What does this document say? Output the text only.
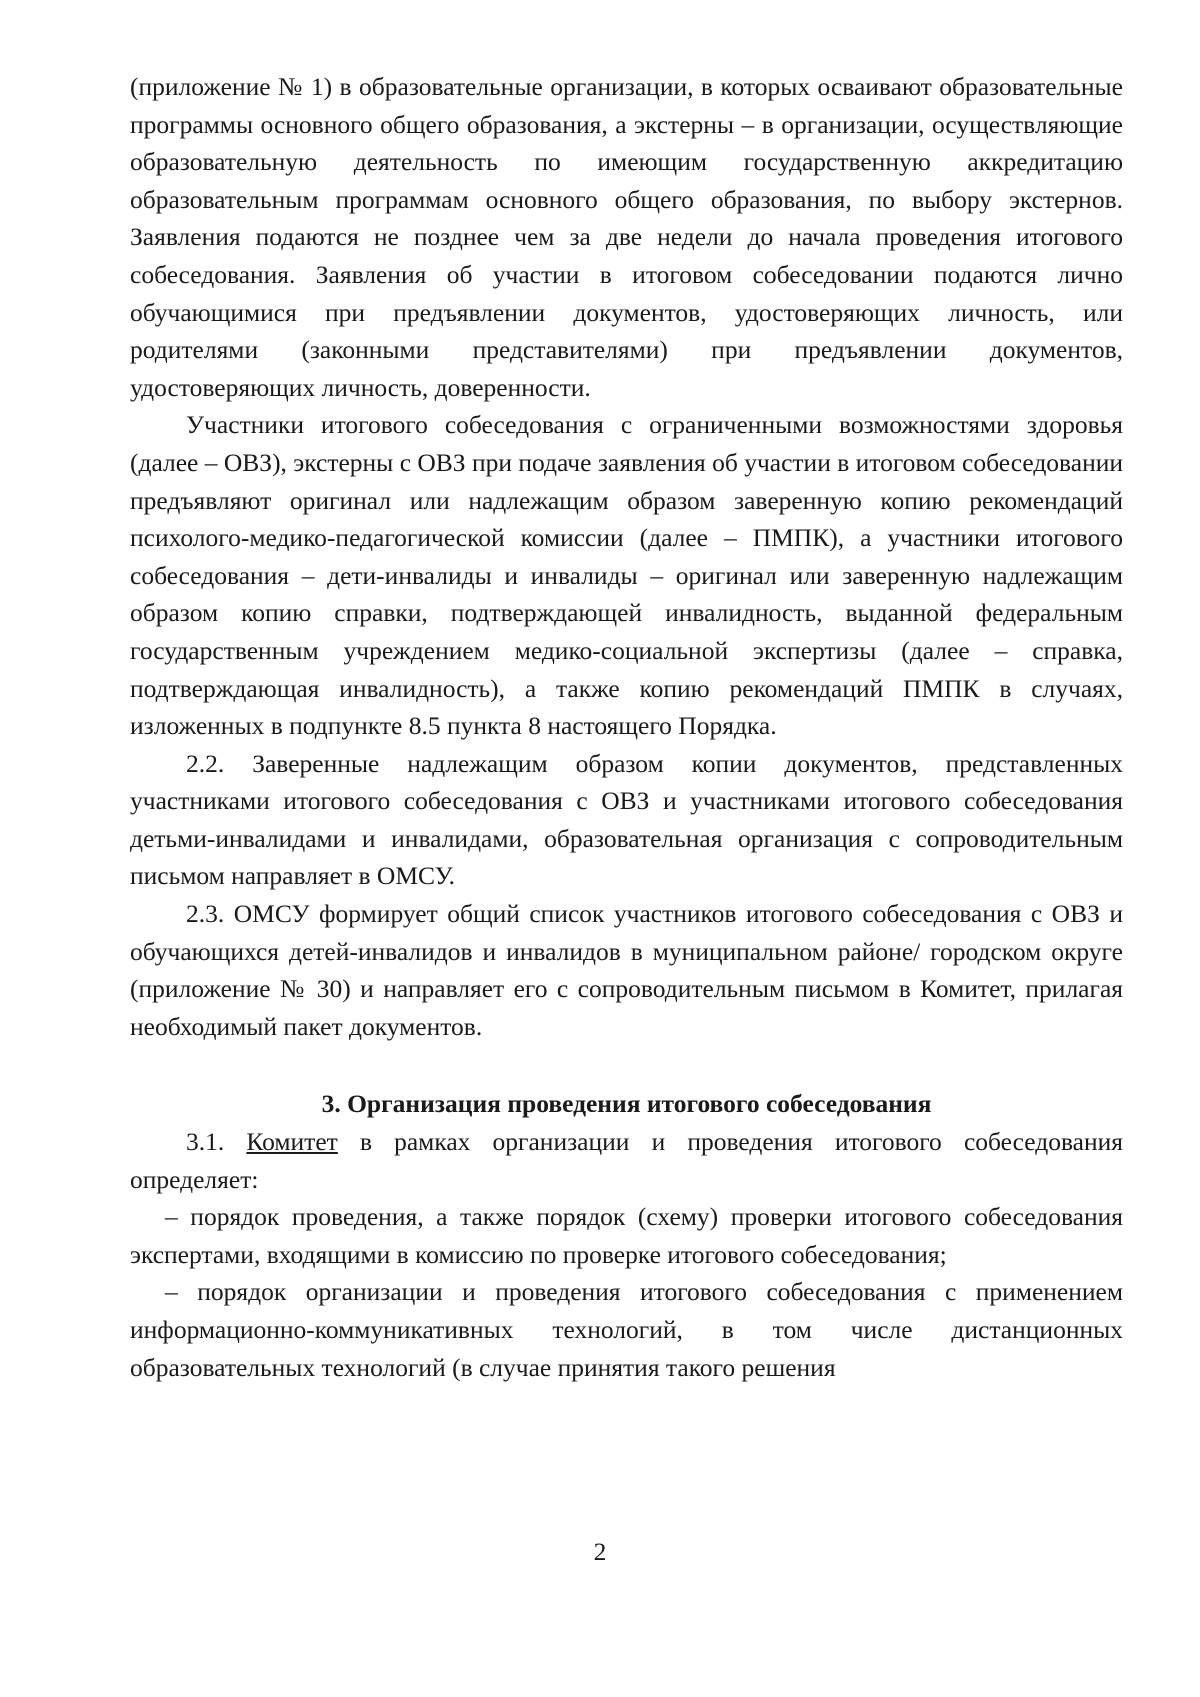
(приложение № 1) в образовательные организации, в которых осваивают образовательные программы основного общего образования, а экстерны – в организации, осуществляющие образовательную деятельность по имеющим государственную аккредитацию образовательным программам основного общего образования, по выбору экстернов. Заявления подаются не позднее чем за две недели до начала проведения итогового собеседования. Заявления об участии в итоговом собеседовании подаются лично обучающимися при предъявлении документов, удостоверяющих личность, или родителями (законными представителями) при предъявлении документов, удостоверяющих личность, доверенности.

Участники итогового собеседования с ограниченными возможностями здоровья (далее – ОВЗ), экстерны с ОВЗ при подаче заявления об участии в итоговом собеседовании предъявляют оригинал или надлежащим образом заверенную копию рекомендаций психолого-медико-педагогической комиссии (далее – ПМПК), а участники итогового собеседования – дети-инвалиды и инвалиды – оригинал или заверенную надлежащим образом копию справки, подтверждающей инвалидность, выданной федеральным государственным учреждением медико-социальной экспертизы (далее – справка, подтверждающая инвалидность), а также копию рекомендаций ПМПК в случаях, изложенных в подпункте 8.5 пункта 8 настоящего Порядка.

2.2. Заверенные надлежащим образом копии документов, представленных участниками итогового собеседования с ОВЗ и участниками итогового собеседования детьми-инвалидами и инвалидами, образовательная организация с сопроводительным письмом направляет в ОМСУ.

2.3. ОМСУ формирует общий список участников итогового собеседования с ОВЗ и обучающихся детей-инвалидов и инвалидов в муниципальном районе/ городском округе (приложение № 30) и направляет его с сопроводительным письмом в Комитет, прилагая необходимый пакет документов.

3. Организация проведения итогового собеседования

3.1. Комитет в рамках организации и проведения итогового собеседования определяет:

– порядок проведения, а также порядок (схему) проверки итогового собеседования экспертами, входящими в комиссию по проверке итогового собеседования;

– порядок организации и проведения итогового собеседования с применением информационно-коммуникативных технологий, в том числе дистанционных образовательных технологий (в случае принятия такого решения

2
